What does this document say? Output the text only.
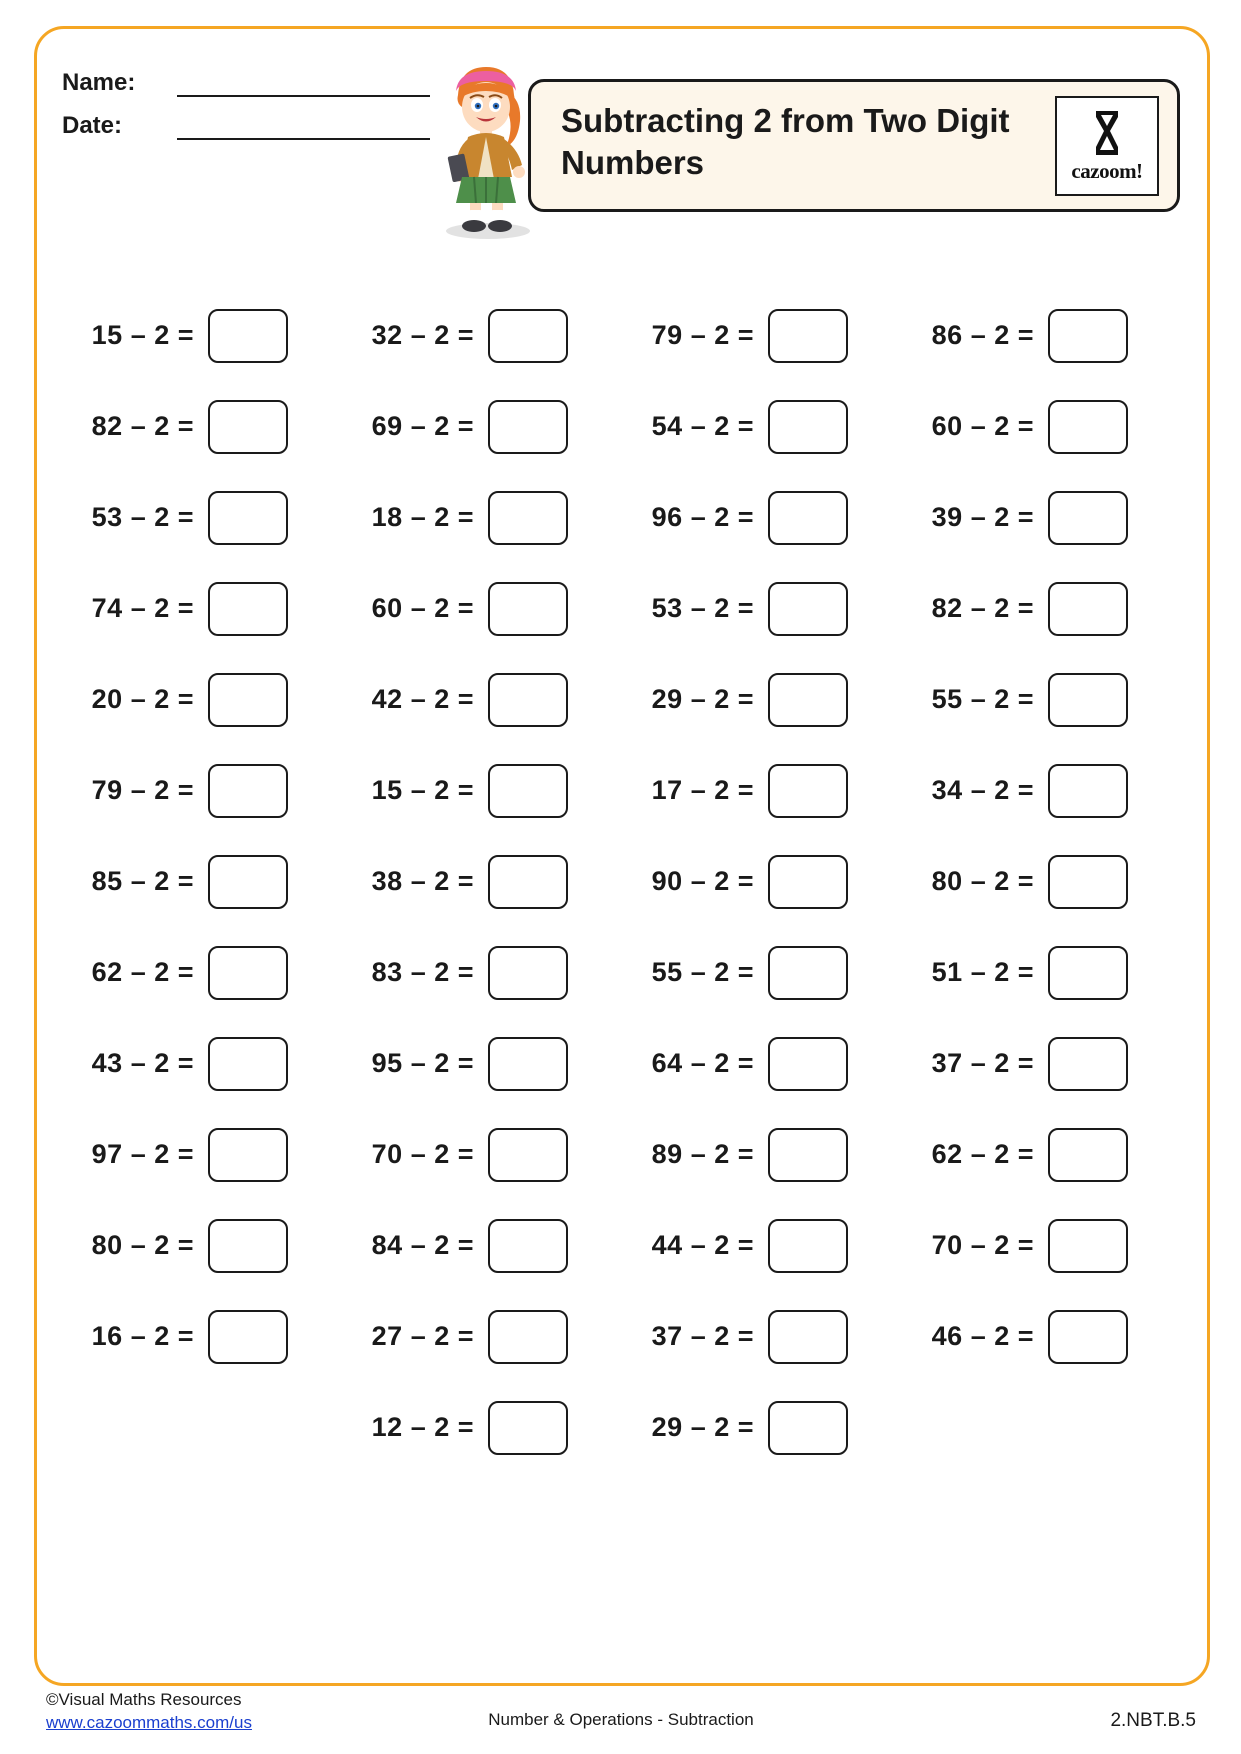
Name:
Date:	Subtracting 2 from Two Digit Numbers	cazoom!
15 – 2 =	32 – 2 =	79 – 2 =	86 – 2 =
82 – 2 =	69 – 2 =	54 – 2 =	60 – 2 =
53 – 2 =	18 – 2 =	96 – 2 =	39 – 2 =
74 – 2 =	60 – 2 =	53 – 2 =	82 – 2 =
20 – 2 =	42 – 2 =	29 – 2 =	55 – 2 =
79 – 2 =	15 – 2 =	17 – 2 =	34 – 2 =
85 – 2 =	38 – 2 =	90 – 2 =	80 – 2 =
62 – 2 =	83 – 2 =	55 – 2 =	51 – 2 =
43 – 2 =	95 – 2 =	64 – 2 =	37 – 2 =
97 – 2 =	70 – 2 =	89 – 2 =	62 – 2 =
80 – 2 =	84 – 2 =	44 – 2 =	70 – 2 =
16 – 2 =	27 – 2 =	37 – 2 =	46 – 2 =
12 – 2 =	29 – 2 =
©Visual Maths Resources
www.cazoommaths.com/us	Number & Operations - Subtraction	2.NBT.B.5
